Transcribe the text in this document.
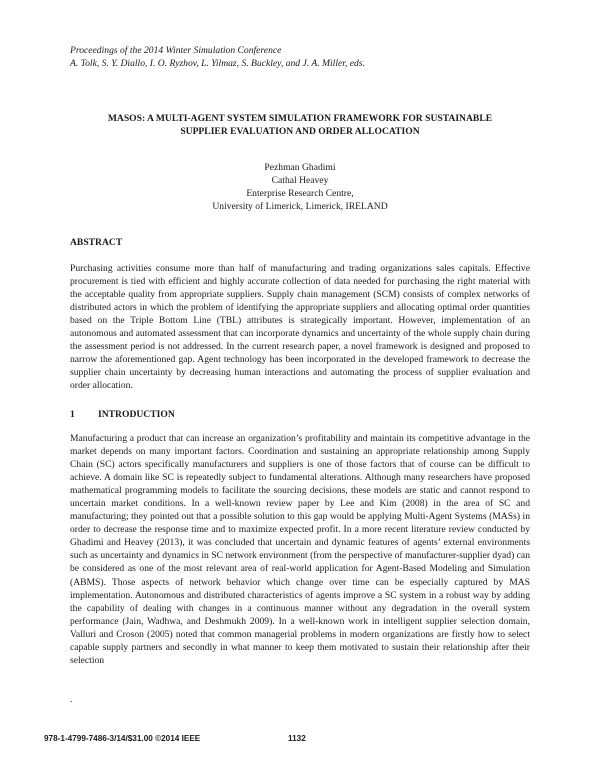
Proceedings of the 2014 Winter Simulation Conference
A. Tolk, S. Y. Diallo, I. O. Ryzhov, L. Yilmaz, S. Buckley, and J. A. Miller, eds.
MASOS: A MULTI-AGENT SYSTEM SIMULATION FRAMEWORK FOR SUSTAINABLE
SUPPLIER EVALUATION AND ORDER ALLOCATION
Pezhman Ghadimi
Cathal Heavey
Enterprise Research Centre,
University of Limerick, Limerick, IRELAND
ABSTRACT

Purchasing activities consume more than half of manufacturing and trading organizations sales capitals. Effective procurement is tied with efficient and highly accurate collection of data needed for purchasing the right material with the acceptable quality from appropriate suppliers. Supply chain management (SCM) consists of complex networks of distributed actors in which the problem of identifying the appropriate suppliers and allocating optimal order quantities based on the Triple Bottom Line (TBL) attributes is strategically important. However, implementation of an autonomous and automated assessment that can incorporate dynamics and uncertainty of the whole supply chain during the assessment period is not addressed. In the current research paper, a novel framework is designed and proposed to narrow the aforementioned gap. Agent technology has been incorporated in the developed framework to decrease the supplier chain uncertainty by decreasing human interactions and automating the process of supplier evaluation and order allocation.

1 INTRODUCTION

Manufacturing a product that can increase an organization’s profitability and maintain its competitive advantage in the market depends on many important factors. Coordination and sustaining an appropriate relationship among Supply Chain (SC) actors specifically manufacturers and suppliers is one of those factors that of course can be difficult to achieve. A domain like SC is repeatedly subject to fundamental alterations. Although many researchers have proposed mathematical programming models to facilitate the sourcing decisions, these models are static and cannot respond to uncertain market conditions. In a well-known review paper by Lee and Kim (2008) in the area of SC and manufacturing; they pointed out that a possible solution to this gap would be applying Multi-Agent Systems (MASs) in order to decrease the response time and to maximize expected profit. In a more recent literature review conducted by Ghadimi and Heavey (2013), it was concluded that uncertain and dynamic features of agents’ external environments such as uncertainty and dynamics in SC network environment (from the perspective of manufacturer-supplier dyad) can be considered as one of the most relevant area of real-world application for Agent-Based Modeling and Simulation (ABMS). Those aspects of network behavior which change over time can be especially captured by MAS implementation. Autonomous and distributed characteristics of agents improve a SC system in a robust way by adding the capability of dealing with changes in a continuous manner without any degradation in the overall system performance (Jain, Wadhwa, and Deshmukh 2009). In a well-known work in intelligent supplier selection domain, Valluri and Croson (2005) noted that common managerial problems in modern organizations are firstly how to select capable supply partners and secondly in what manner to keep them motivated to sustain their relationship after their selection

.
978-1-4799-7486-3/14/$31.00 ©2014 IEEE	1132
